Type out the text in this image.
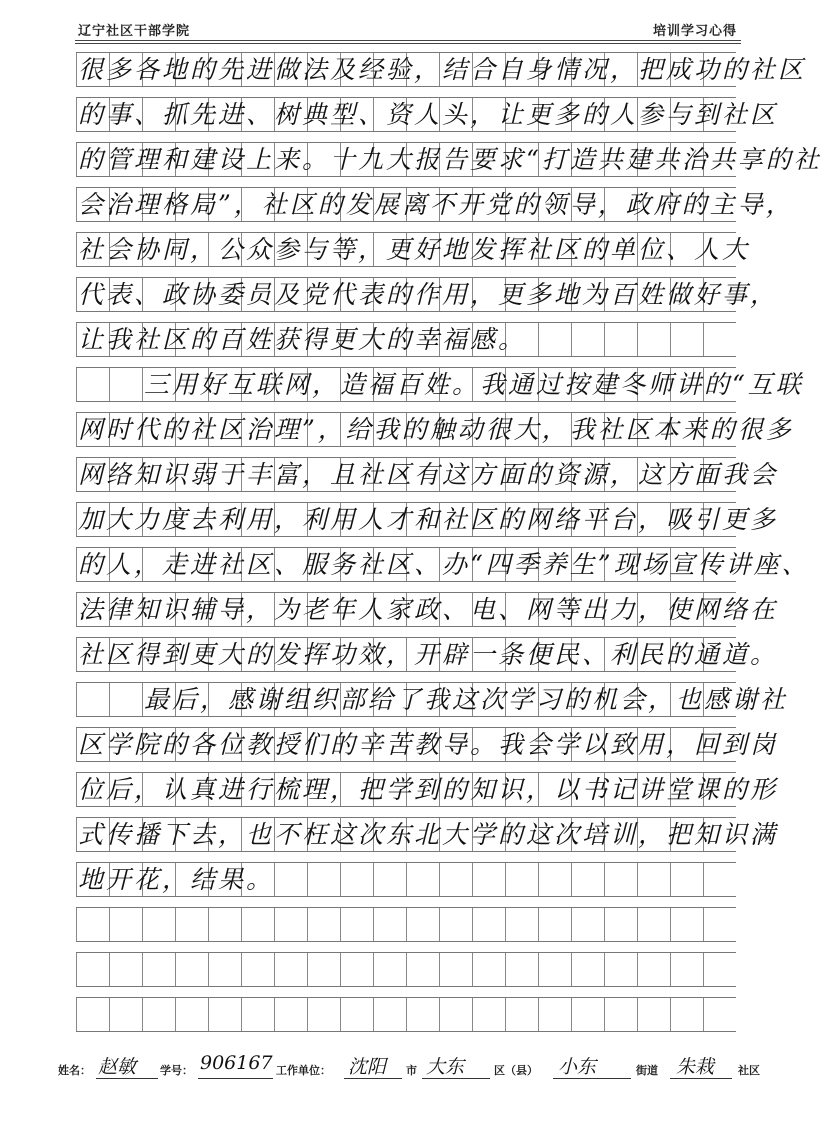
辽宁社区干部学院	培训学习心得
很多各地的先进做法及经验，结合自身情况，把成功的社区
的事、抓先进、树典型、资人头，让更多的人参与到社区
的管理和建设上来。十九大报告要求“打造共建共治共享的社
会治理格局”，社区的发展离不开党的领导，政府的主导，
社会协同，公众参与等，更好地发挥社区的单位、人大
代表、政协委员及党代表的作用，更多地为百姓做好事，
让我社区的百姓获得更大的幸福感。
三用好互联网，造福百姓。我通过按建冬师讲的“互联
网时代的社区治理”，给我的触动很大，我社区本来的很多
网络知识弱于丰富，且社区有这方面的资源，这方面我会
加大力度去利用，利用人才和社区的网络平台，吸引更多
的人，走进社区、服务社区、办“四季养生”现场宣传讲座、
法律知识辅导，为老年人家政、电、网等出力，使网络在
社区得到更大的发挥功效，开辟一条便民、利民的通道。
最后，感谢组织部给了我这次学习的机会，也感谢社
区学院的各位教授们的辛苦教导。我会学以致用，回到岗
位后，认真进行梳理，把学到的知识，以书记讲堂课的形
式传播下去，也不枉这次东北大学的这次培训，把知识满
地开花，结果。
姓名： 赵敏 学号： 906167 工作单位： 沈阳 市 大东	区（县） 小东	街道 朱栽 社区
